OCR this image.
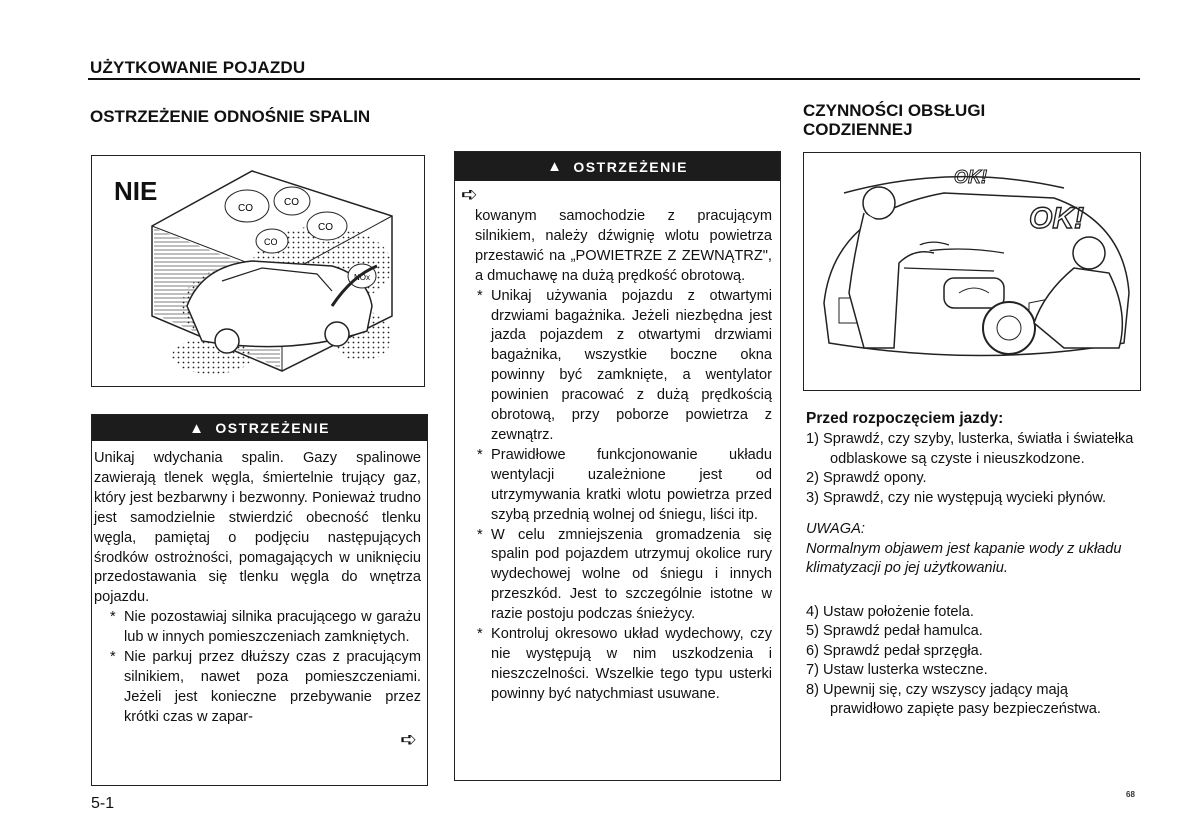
UŻYTKOWANIE POJAZDU
OSTRZEŻENIE ODNOŚNIE SPALIN
NIE
CO
CO
CO
CO
NOx
▲ OSTRZEŻENIE
Unikaj wdychania spalin. Gazy spalinowe zawierają tlenek węgla, śmiertelnie trujący gaz, który jest bezbarwny i bezwonny. Ponieważ trudno jest samodzielnie stwierdzić obecność tlenku węgla, pamiętaj o podjęciu następujących środków ostrożności, pomagających w uniknięciu przedostawania się tlenku węgla do wnętrza pojazdu.
* Nie pozostawiaj silnika pracującego w garażu lub w innych pomieszczeniach zamkniętych.
* Nie parkuj przez dłuższy czas z pracującym silnikiem, nawet poza pomieszczeniami. Jeżeli jest konieczne przebywanie przez krótki czas w zapar-
➪
▲ OSTRZEŻENIE
➪
kowanym samochodzie z pracującym silnikiem, należy dźwignię wlotu powietrza przestawić na „POWIETRZE Z ZEWNĄTRZ", a dmuchawę na dużą prędkość obrotową.
* Unikaj używania pojazdu z otwartymi drzwiami bagażnika. Jeżeli niezbędna jest jazda pojazdem z otwartymi drzwiami bagażnika, wszystkie boczne okna powinny być zamknięte, a wentylator powinien pracować z dużą prędkością obrotową, przy poborze powietrza z zewnątrz.
* Prawidłowe funkcjonowanie układu wentylacji uzależnione jest od utrzymywania kratki wlotu powietrza przed szybą przednią wolnej od śniegu, liści itp.
* W celu zmniejszenia gromadzenia się spalin pod pojazdem utrzymuj okolice rury wydechowej wolne od śniegu i innych przeszkód. Jest to szczególnie istotne w razie postoju podczas śnieżycy.
* Kontroluj okresowo układ wydechowy, czy nie występują w nim uszkodzenia i nieszczelności. Wszelkie tego typu usterki powinny być natychmiast usuwane.
CZYNNOŚCI OBSŁUGI
CODZIENNEJ
OK!
OK!
Przed rozpoczęciem jazdy:
1) Sprawdź, czy szyby, lusterka, światła i światełka odblaskowe są czyste i nieuszkodzone.
2) Sprawdź opony.
3) Sprawdź, czy nie występują wycieki płynów.
UWAGA:
Normalnym objawem jest kapanie wody z układu klimatyzacji po jej użytkowaniu.
4) Ustaw położenie fotela.
5) Sprawdź pedał hamulca.
6) Sprawdź pedał sprzęgła.
7) Ustaw lusterka wsteczne.
8) Upewnij się, czy wszyscy jadący mają prawidłowo zapięte pasy bezpieczeństwa.
5-1
68
